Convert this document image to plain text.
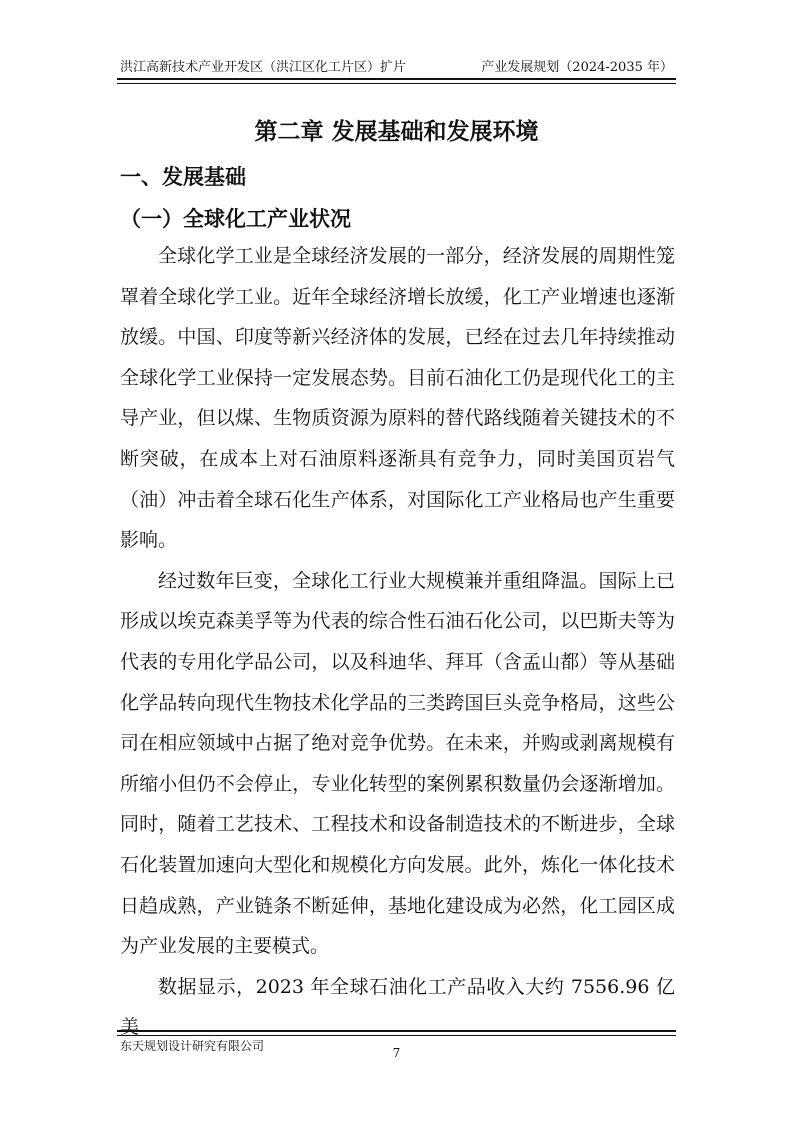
洪江高新技术产业开发区（洪江区化工片区）扩片	产业发展规划（2024-2035 年）
第二章 发展基础和发展环境
一、发展基础
（一）全球化工产业状况

全球化学工业是全球经济发展的一部分，经济发展的周期性笼罩着全球化学工业。近年全球经济增长放缓，化工产业增速也逐渐放缓。中国、印度等新兴经济体的发展，已经在过去几年持续推动全球化学工业保持一定发展态势。目前石油化工仍是现代化工的主导产业，但以煤、生物质资源为原料的替代路线随着关键技术的不断突破，在成本上对石油原料逐渐具有竞争力，同时美国页岩气（油）冲击着全球石化生产体系，对国际化工产业格局也产生重要影响。

经过数年巨变，全球化工行业大规模兼并重组降温。国际上已形成以埃克森美孚等为代表的综合性石油石化公司，以巴斯夫等为代表的专用化学品公司，以及科迪华、拜耳（含孟山都）等从基础化学品转向现代生物技术化学品的三类跨国巨头竞争格局，这些公司在相应领域中占据了绝对竞争优势。在未来，并购或剥离规模有所缩小但仍不会停止，专业化转型的案例累积数量仍会逐渐增加。同时，随着工艺技术、工程技术和设备制造技术的不断进步，全球石化装置加速向大型化和规模化方向发展。此外，炼化一体化技术日趋成熟，产业链条不断延伸，基地化建设成为必然，化工园区成为产业发展的主要模式。

数据显示，2023 年全球石油化工产品收入大约 7556.96 亿美

东天规划设计研究有限公司	7
